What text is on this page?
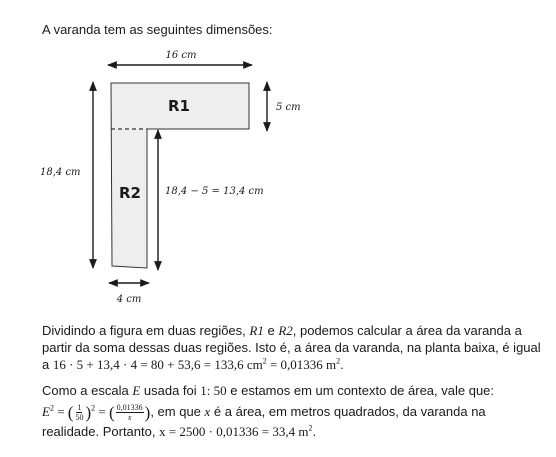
A varanda tem as seguintes dimensões:
16 cm
5 cm
18,4 cm
18,4 − 5 = 13,4 cm
4 cm
R1
R2
Dividindo a figura em duas regiões, R1 e R2, podemos calcular a área da varanda a partir da soma dessas duas regiões. Isto é, a área da varanda, na planta baixa, é igual a 16 · 5 + 13,4 · 4 = 80 + 53,6 = 133,6 $cm^2 = 0,01336$ $m^2$.
Como a escala E usada foi 1: 50 e estamos em um contexto de área, vale que:
$E^2$ = ( $\frac{1}{50} )^2$ = ( $\frac{0,01336}{x}$ ), em que x é a área, em metros quadrados, da varanda na realidade. Portanto, x = 2500 · 0,01336 = 33,4 $m^2$.
